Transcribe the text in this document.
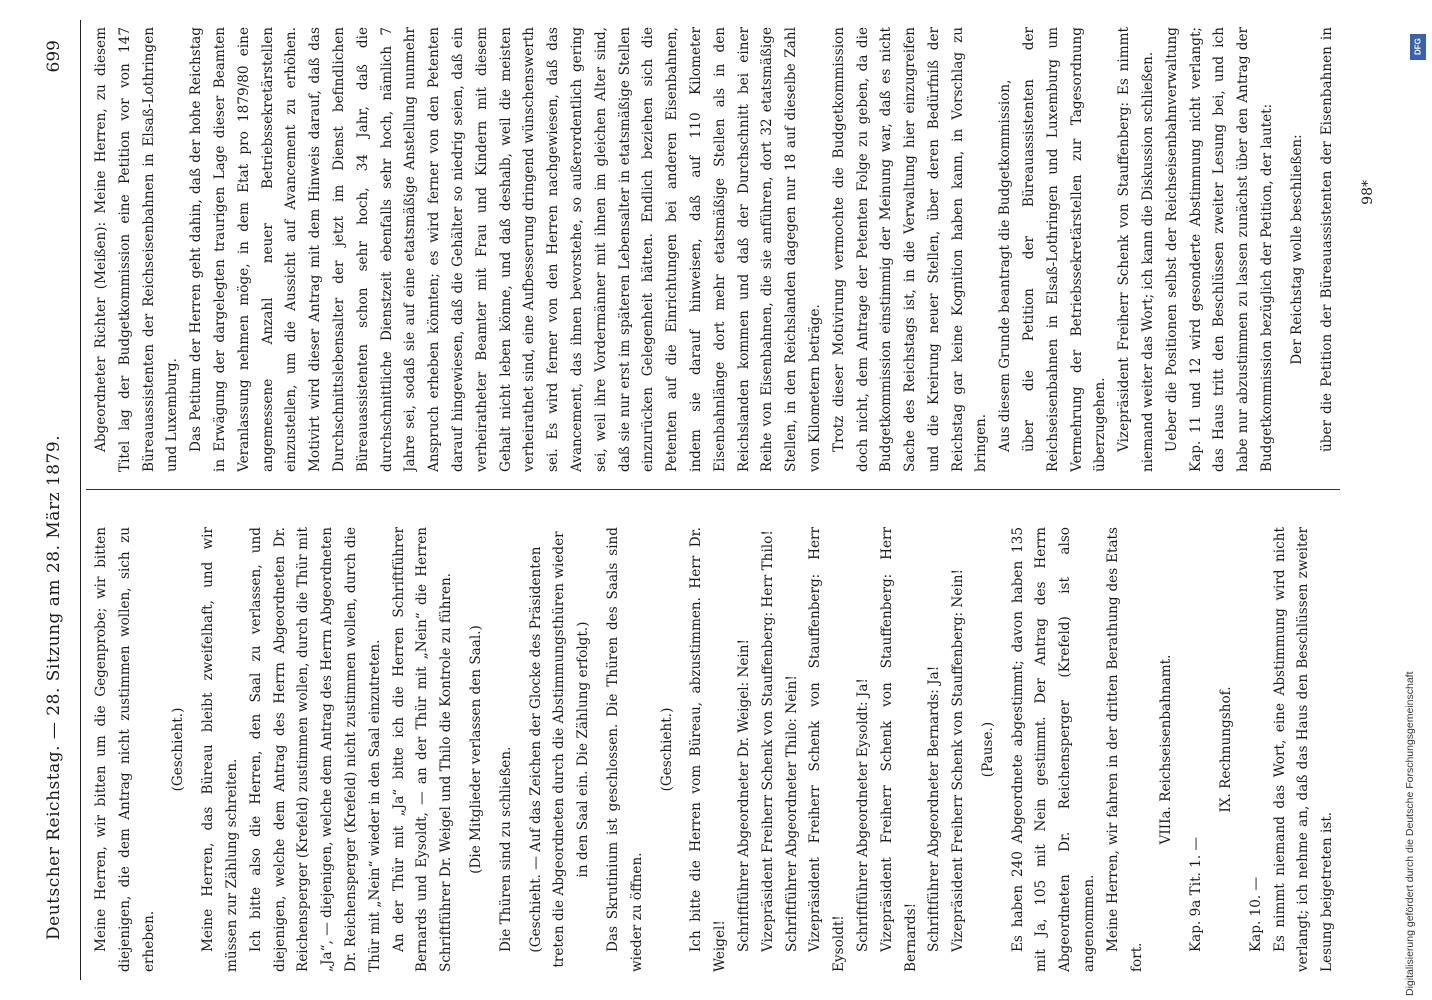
Deutscher Reichstag. — 28. Sitzung am 28. März 1879.
699

Meine Herren, wir bitten um die Gegenprobe; wir bitten diejenigen, die dem Antrag nicht zustimmen wollen, sich zu erheben.

(Geschieht.)	Meine Herren, das Büreau bleibt zweifelhaft, und wir müssen zur Zählung schreiten. Ich bitte also die Herren, den Saal zu verlassen, und diejenigen, welche dem Antrag des Herrn Abgeordneten Dr. Reichensperger (Krefeld) zustimmen wollen, durch die Thür mit „Ja“, — diejenigen, welche dem Antrag des Herrn Abgeordneten Dr. Reichensperger (Krefeld) nicht zustimmen wollen, durch die Thür mit „Nein“ wieder in den Saal einzutreten. An der Thür mit „Ja“ bitte ich die Herren Schriftführer Bernards und Eysoldt, — an der Thür mit „Nein“ die Herren Schriftführer Dr. Weigel und Thilo die Kontrole zu führen.	(Die Mitglieder verlassen den Saal.)	Die Thüren sind zu schließen.	(Geschieht. — Auf das Zeichen der Glocke des Präsidenten treten die Abgeordneten durch die Abstimmungsthüren wieder in den Saal ein. Die Zählung erfolgt.)	Das Skrutinium ist geschlossen. Die Thüren des Saals sind wieder zu öffnen.

(Geschieht.)	Ich bitte die Herren vom Büreau, abzustimmen. Herr Dr. Weigel! Schriftführer Abgeordneter Dr. Weigel: Nein! Vizepräsident Freiherr Schenk von Stauffenberg: Herr Thilo! Schriftführer Abgeordneter Thilo: Nein! Vizepräsident Freiherr Schenk von Stauffenberg: Herr Eysoldt! Schriftführer Abgeordneter Eysoldt: Ja! Vizepräsident Freiherr Schenk von Stauffenberg: Herr Bernards! Schriftführer Abgeordneter Bernards: Ja! Vizepräsident Freiherr Schenk von Stauffenberg: Nein!	(Pause.)	Es haben 240 Abgeordnete abgestimmt; davon haben 135 mit Ja, 105 mit Nein gestimmt. Der Antrag des Herrn Abgeordneten Dr. Reichensperger (Krefeld) ist also angenommen. Meine Herren, wir fahren in der dritten Berathung des Etats fort.

VIIIa. Reichseisenbahnamt.

Kap. 9a Tit. 1. —

IX. Rechnungshof.

Kap. 10. — Es nimmt niemand das Wort, eine Abstimmung wird nicht verlangt; ich nehme an, daß das Haus den Beschlüssen zweiter Lesung beigetreten ist.

Abgeordneter Richter (Meißen): Meine Herren, zu diesem Titel lag der Budgetkommission eine Petition vor von 147 Büreauassistenten der Reichseisenbahnen in Elsaß-Lothringen und Luxemburg. Das Petitum der Herren geht dahin, daß der hohe Reichstag in Erwägung der dargelegten traurigen Lage dieser Beamten Veranlassung nehmen möge, in dem Etat pro 1879/80 eine angemessene Anzahl neuer Betriebssekretärstellen einzustellen, um die Aussicht auf Avancement zu erhöhen. Motivirt wird dieser Antrag mit dem Hinweis darauf, daß das Durchschnittslebensalter der jetzt im Dienst befindlichen Büreauassistenten schon sehr hoch, 34 Jahr, daß die durchschnittliche Dienstzeit ebenfalls sehr hoch, nämlich 7 Jahre sei, sodaß sie auf eine etatsmäßige Anstellung nunmehr Anspruch erheben könnten; es wird ferner von den Petenten darauf hingewiesen, daß die Gehälter so niedrig seien, daß ein verheiratheter Beamter mit Frau und Kindern mit diesem Gehalt nicht leben könne, und daß deshalb, weil die meisten verheirathet sind, eine Aufbesserung dringend wünschenswerth sei. Es wird ferner von den Herren nachgewiesen, daß das Avancement, das ihnen bevorstehe, so außerordentlich gering sei, weil ihre Vordermänner mit ihnen im gleichen Alter sind, daß sie nur erst im späteren Lebensalter in etatsmäßige Stellen einzurücken Gelegenheit hätten. Endlich beziehen sich die Petenten auf die Einrichtungen bei anderen Eisenbahnen, indem sie darauf hinweisen, daß auf 110 Kilometer Eisenbahnlänge dort mehr etatsmäßige Stellen als in den Reichslanden kommen und daß der Durchschnitt bei einer Reihe von Eisenbahnen, die sie anführen, dort 32 etatsmäßige Stellen, in den Reichslanden dagegen nur 18 auf dieselbe Zahl von Kilometern beträge. Trotz dieser Motivirung vermochte die Budgetkommission doch nicht, dem Antrage der Petenten Folge zu geben, da die Budgetkommission einstimmig der Meinung war, daß es nicht Sache des Reichstags ist, in die Verwaltung hier einzugreifen und die Kreirung neuer Stellen, über deren Bedürfniß der Reichstag gar keine Kognition haben kann, in Vorschlag zu bringen. Aus diesem Grunde beantragt die Budgetkommission, über die Petition der Büreauassistenten der Reichseisenbahnen in Elsaß-Lothringen und Luxemburg um Vermehrung der Betriebssekretärstellen zur Tagesordnung überzugehen. Vizepräsident Freiherr Schenk von Stauffenberg: Es nimmt niemand weiter das Wort; ich kann die Diskussion schließen. Ueber die Positionen selbst der Reichseisenbahnverwaltung Kap. 11 und 12 wird gesonderte Abstimmung nicht verlangt; das Haus tritt den Beschlüssen zweiter Lesung bei, und ich habe nur abzustimmen zu lassen zunächst über den Antrag der Budgetkommission bezüglich der Petition, der lautet:	Der Reichstag wolle beschließen:

über die Petition der Büreauassistenten der Eisenbahnen in

98*
Digitalisierung gefördert durch die Deutsche Forschungsgemeinschaft
DFG
